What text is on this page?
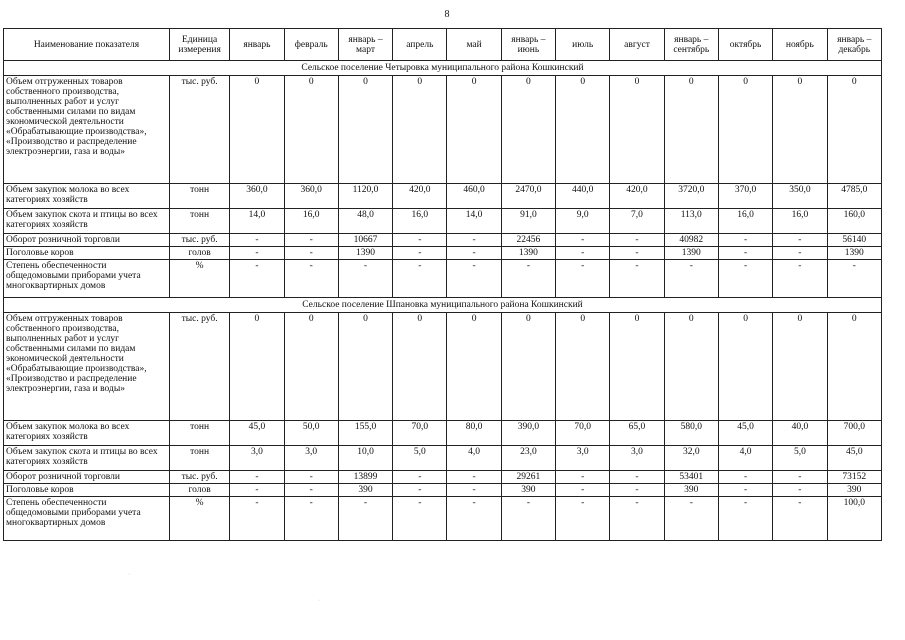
8
Наименование показателя	Единица измерения	январь	февраль	январь – март	апрель	май	январь – июнь	июль	август	январь – сентябрь	октябрь	ноябрь	январь – декабрь
Сельское поселение Четыровка муниципального района Кошкинский													
Объем отгруженных товаров собственного производства, выполненных работ и услуг собственными силами по видам экономической деятельности «Обрабатывающие производства», «Производство и распределение электроэнергии, газа и воды»	тыс. руб.	0	0	0	0	0	0	0	0	0	0	0	0
Объем закупок молока во всех категориях хозяйств	тонн	360,0	360,0	1120,0	420,0	460,0	2470,0	440,0	420,0	3720,0	370,0	350,0	4785,0
Объем закупок скота и птицы во всех категориях хозяйств	тонн	14,0	16,0	48,0	16,0	14,0	91,0	9,0	7,0	113,0	16,0	16,0	160,0
Оборот розничной торговли	тыс. руб.	-	-	10667	-	-	22456	-	-	40982	-	-	56140
Поголовье коров	голов	-	-	1390	-	-	1390	-	-	1390	-	-	1390
Степень обеспеченности общедомовыми приборами учета многоквартирных домов	%	-	-	-	-	-	-	-	-	-	-	-	-
Сельское поселение Шпановка муниципального района Кошкинский													
Объем отгруженных товаров собственного производства, выполненных работ и услуг собственными силами по видам экономической деятельности «Обрабатывающие производства», «Производство и распределение электроэнергии, газа и воды»	тыс. руб.	0	0	0	0	0	0	0	0	0	0	0	0
Объем закупок молока во всех категориях хозяйств	тонн	45,0	50,0	155,0	70,0	80,0	390,0	70,0	65,0	580,0	45,0	40,0	700,0
Объем закупок скота и птицы во всех категориях хозяйств	тонн	3,0	3,0	10,0	5,0	4,0	23,0	3,0	3,0	32,0	4,0	5,0	45,0
Оборот розничной торговли	тыс. руб.	-	-	13899	-	-	29261	-	-	53401	-	-	73152
Поголовье коров	голов	-	-	390	-	-	390	-	-	390	-	-	390
Степень обеспеченности общедомовыми приборами учета многоквартирных домов	%	-	-	-	-	-	-	-	-	-	-	-	100,0
·
·
